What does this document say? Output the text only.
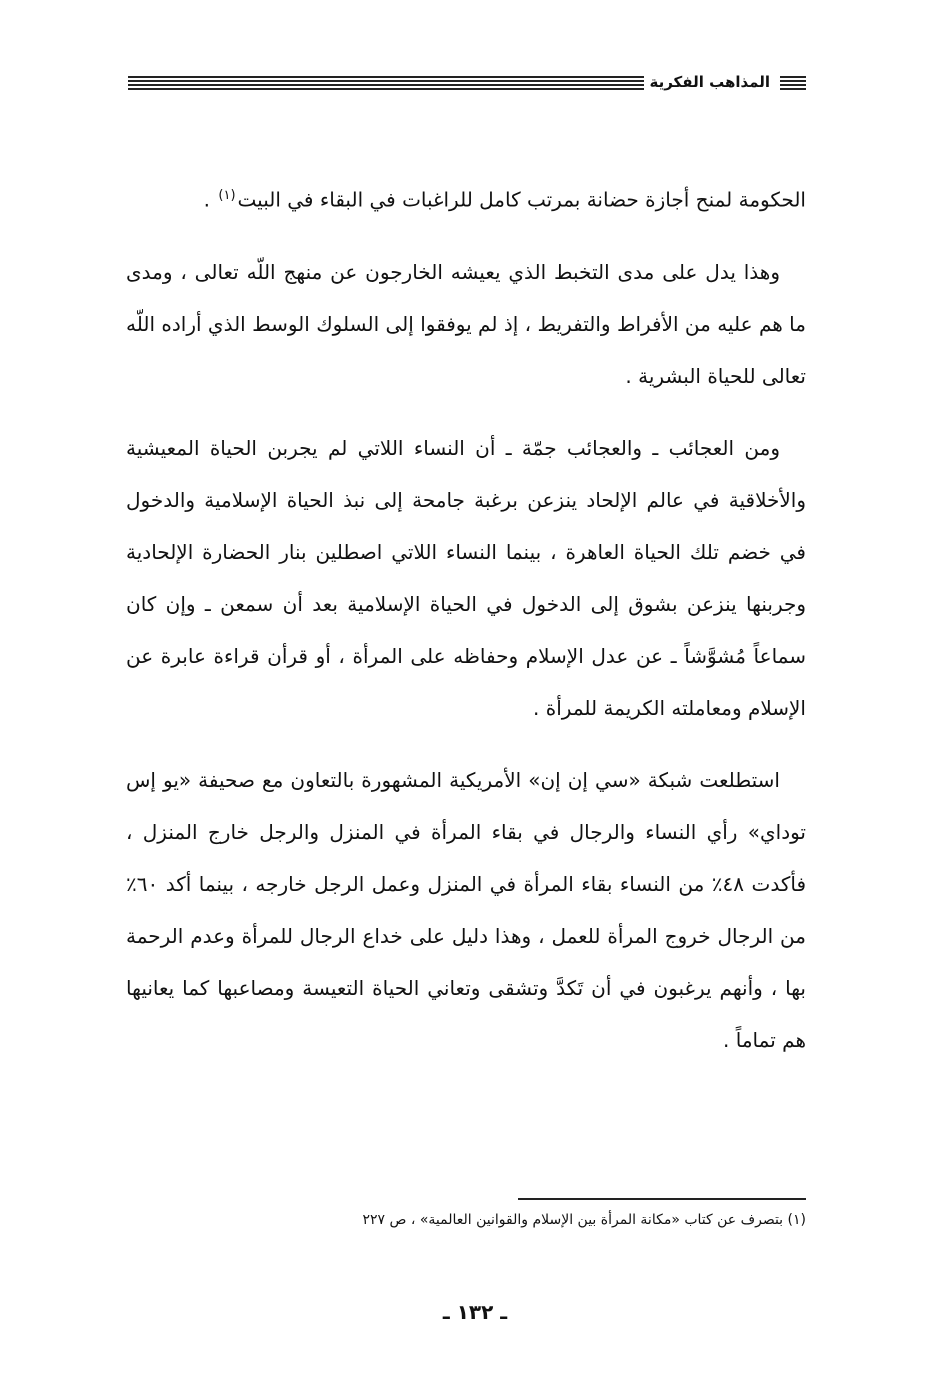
المذاهب الفكرية

الحكومة لمنح أجازة حضانة بمرتب كامل للراغبات في البقاء في البيت$^{(١)}$ .

وهذا يدل على مدى التخبط الذي يعيشه الخارجون عن منهج اللّه تعالى ، ومدى ما هم عليه من الأفراط والتفريط ، إذ لم يوفقوا إلى السلوك الوسط الذي أراده اللّه تعالى للحياة البشرية .

ومن العجائب ـ والعجائب جمّة ـ أن النساء اللاتي لم يجربن الحياة المعيشية والأخلاقية في عالم الإلحاد ينزعن برغبة جامحة إلى نبذ الحياة الإسلامية والدخول في خضم تلك الحياة العاهرة ، بينما النساء اللاتي اصطلين بنار الحضارة الإلحادية وجربنها ينزعن بشوق إلى الدخول في الحياة الإسلامية بعد أن سمعن ـ وإن كان سماعاً مُشوَّشاً ـ عن عدل الإسلام وحفاظه على المرأة ، أو قرأن قراءة عابرة عن الإسلام ومعاملته الكريمة للمرأة .

استطلعت شبكة «سي إن إن» الأمريكية المشهورة بالتعاون مع صحيفة «يو إس توداي» رأي النساء والرجال في بقاء المرأة في المنزل والرجل خارج المنزل ، فأكدت ٤٨٪ من النساء بقاء المرأة في المنزل وعمل الرجل خارجه ، بينما أكد ٦٠٪ من الرجال خروج المرأة للعمل ، وهذا دليل على خداع الرجال للمرأة وعدم الرحمة بها ، وأنهم يرغبون في أن تَكدَّ وتشقى وتعاني الحياة التعيسة ومصاعبها كما يعانيها هم تماماً .

(١) بتصرف عن كتاب «مكانة المرأة بين الإسلام والقوانين العالمية» ، ص ٢٢٧
ـ ١٣٢ ـ
